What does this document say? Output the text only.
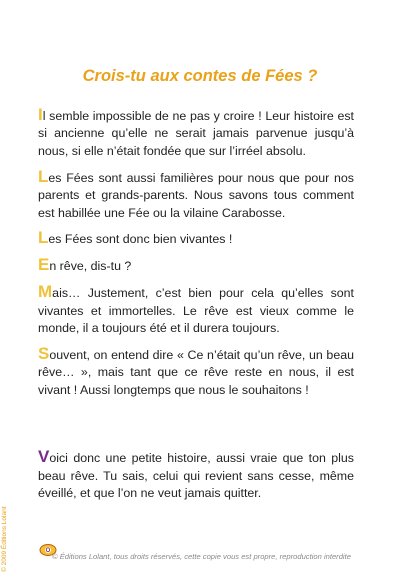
Crois-tu aux contes de Fées ?

Il semble impossible de ne pas y croire ! Leur histoire est si ancienne qu’elle ne serait jamais parvenue jusqu’à nous, si elle n’était fondée que sur l’irréel absolu.

Les Fées sont aussi familières pour nous que pour nos parents et grands-parents. Nous savons tous comment est habillée une Fée ou la vilaine Carabosse.

Les Fées sont donc bien vivantes !

En rêve, dis-tu ?

Mais… Justement, c’est bien pour cela qu’elles sont vivantes et immortelles. Le rêve est vieux comme le monde, il a toujours été et il durera toujours.

Souvent, on entend dire « Ce n’était qu’un rêve, un beau rêve… », mais tant que ce rêve reste en nous, il est vivant ! Aussi longtemps que nous le souhaitons !

Voici donc une petite histoire, aussi vraie que ton plus beau rêve. Tu sais, celui qui revient sans cesse, même éveillé, et que l’on ne veut jamais quitter.

© 2009 Éditions Lolant	O
© Éditions Lolant, tous droits réservés, cette copie vous est propre, reproduction interdite
